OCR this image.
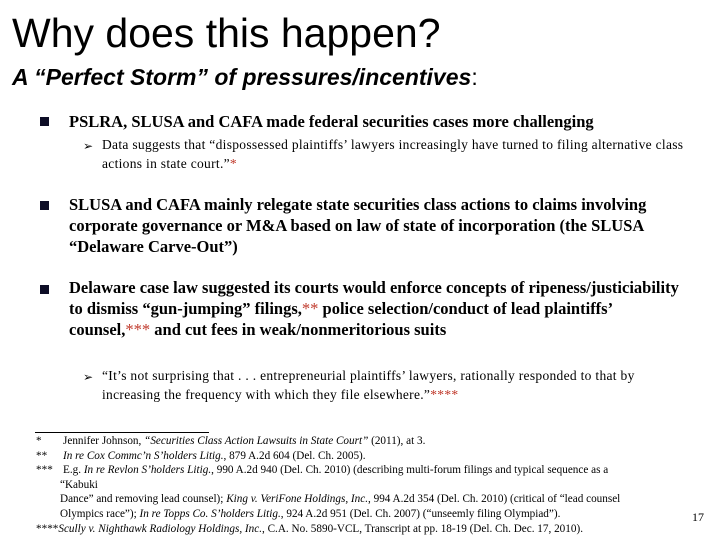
Why does this happen?
A “Perfect Storm” of pressures/incentives:
PSLRA, SLUSA and CAFA made federal securities cases more challenging
➢ Data suggests that “dispossessed plaintiffs’ lawyers increasingly have turned to filing alternative class actions in state court.”*
SLUSA and CAFA mainly relegate state securities class actions to claims involving corporate governance or M&A based on law of state of incorporation (the SLUSA “Delaware Carve-Out”)
Delaware case law suggested its courts would enforce concepts of ripeness/justiciability to dismiss “gun-jumping” filings,** police selection/conduct of lead plaintiffs’ counsel,*** and cut fees in weak/nonmeritorious suits
➢ “It’s not surprising that . . . entrepreneurial plaintiffs’ lawyers, rationally responded to that by increasing the frequency with which they file elsewhere.”****
* Jennifer Johnson, “Securities Class Action Lawsuits in State Court” (2011), at 3.
** In re Cox Commc’n S’holders Litig., 879 A.2d 604 (Del. Ch. 2005).
*** E.g. In re Revlon S’holders Litig., 990 A.2d 940 (Del. Ch. 2010) (describing multi-forum filings and typical sequence as a
“Kabuki
Dance” and removing lead counsel); King v. VeriFone Holdings, Inc., 994 A.2d 354 (Del. Ch. 2010) (critical of “lead counsel
Olympics race”); In re Topps Co. S’holders Litig., 924 A.2d 951 (Del. Ch. 2007) (“unseemly filing Olympiad”).
****Scully v. Nighthawk Radiology Holdings, Inc., C.A. No. 5890-VCL, Transcript at pp. 18-19 (Del. Ch. Dec. 17, 2010).
17
